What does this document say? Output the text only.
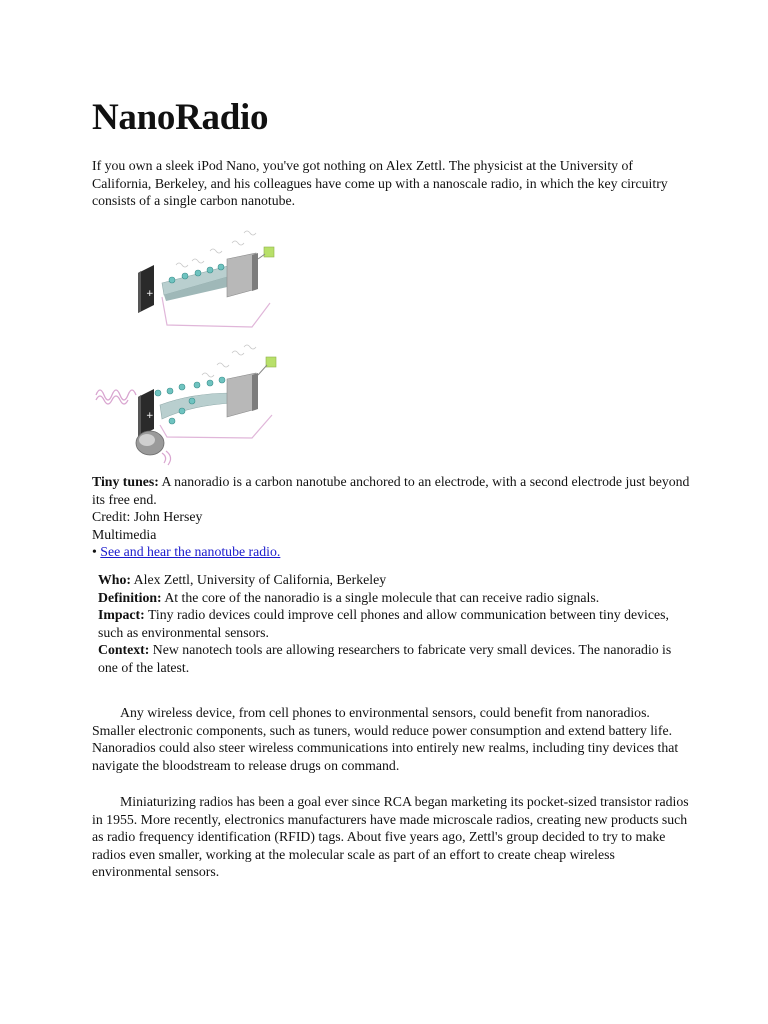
NanoRadio

If you own a sleek iPod Nano, you've got nothing on Alex Zettl. The physicist at the University of California, Berkeley, and his colleagues have come up with a nanoscale radio, in which the key circuitry consists of a single carbon nanotube.

+
+

Tiny tunes: A nanoradio is a carbon nanotube anchored to an electrode, with a second electrode just beyond its free end.
Credit: John Hersey
Multimedia
• See and hear the nanotube radio.

Who: Alex Zettl, University of California, Berkeley
Definition: At the core of the nanoradio is a single molecule that can receive radio signals.
Impact: Tiny radio devices could improve cell phones and allow communication between tiny devices, such as environmental sensors.
Context: New nanotech tools are allowing researchers to fabricate very small devices. The nanoradio is one of the latest.

Any wireless device, from cell phones to environmental sensors, could benefit from nanoradios. Smaller electronic components, such as tuners, would reduce power consumption and extend battery life. Nanoradios could also steer wireless communications into entirely new realms, including tiny devices that navigate the bloodstream to release drugs on command.

Miniaturizing radios has been a goal ever since RCA began marketing its pocket-sized transistor radios in 1955. More recently, electronics manufacturers have made microscale radios, creating new products such as radio frequency identification (RFID) tags. About five years ago, Zettl's group decided to try to make radios even smaller, working at the molecular scale as part of an effort to create cheap wireless environmental sensors.
